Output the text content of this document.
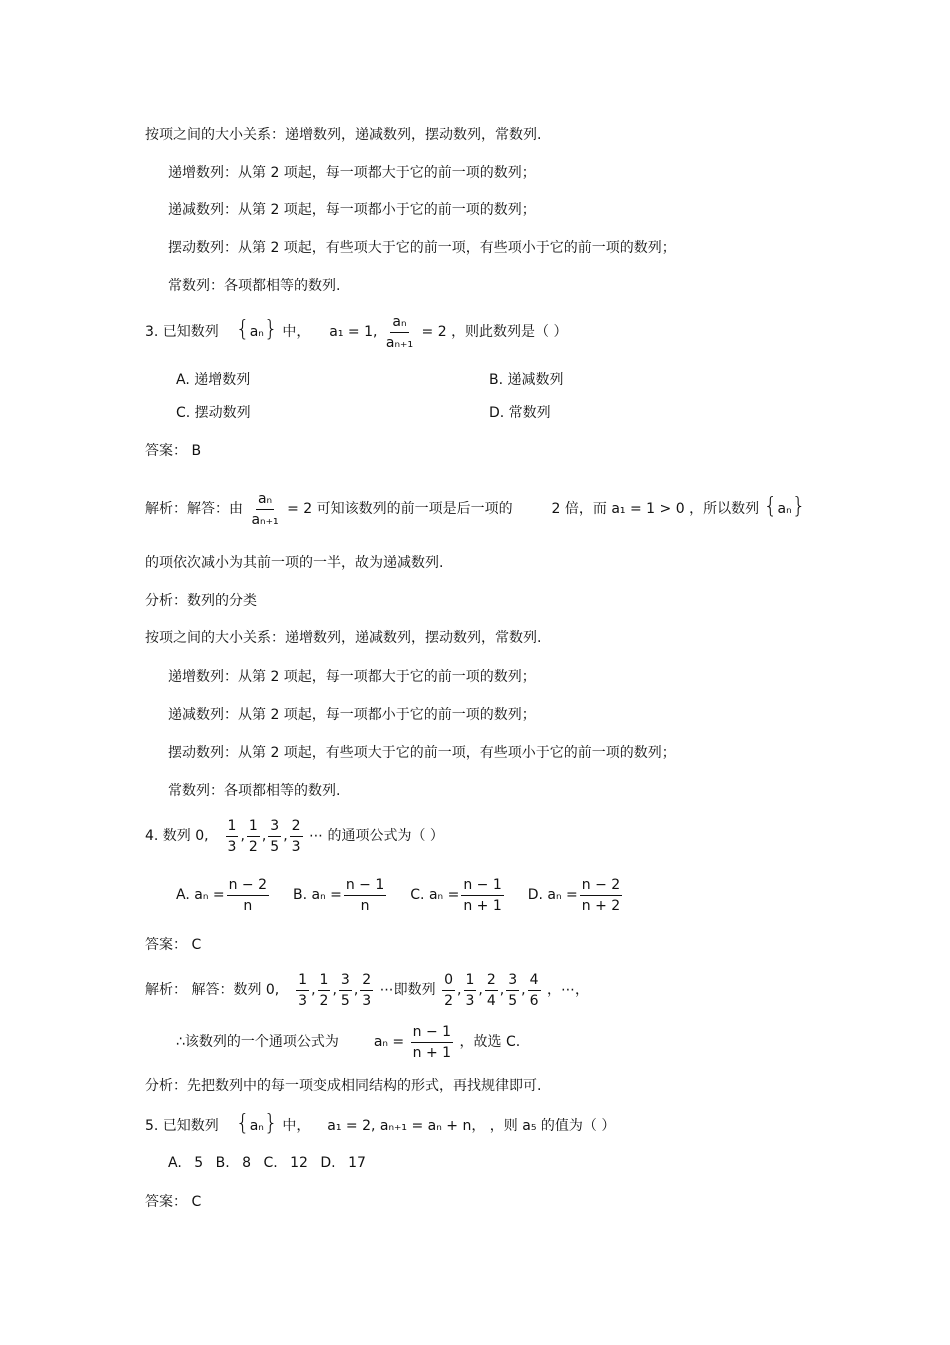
按项之间的大小关系：递增数列，递减数列，摆动数列，常数列.
递增数列：从第 2 项起，每一项都大于它的前一项的数列；
递减数列：从第 2 项起，每一项都小于它的前一项的数列；
摆动数列：从第 2 项起，有些项大于它的前一项，有些项小于它的前一项的数列；
常数列：各项都相等的数列.
3. 已知数列 {aₙ} 中， a₁ = 1, $\frac{\text{aₙ}}{\text{aₙ₊₁}} = 2$ ，则此数列是（ ）
A. 递增数列	B. 递减数列
C. 摆动数列	D. 常数列
答案： B
解析：解答：由 $\frac{\text{aₙ}}{\text{aₙ₊₁}} = 2$ 可知该数列的前一项是后一项的	2 倍，而 a₁ = 1 > 0 ，所以数列 {aₙ}
的项依次减小为其前一项的一半，故为递减数列.
分析：数列的分类
按项之间的大小关系：递增数列，递减数列，摆动数列，常数列.
递增数列：从第 2 项起，每一项都大于它的前一项的数列；
递减数列：从第 2 项起，每一项都小于它的前一项的数列；
摆动数列：从第 2 项起，有些项大于它的前一项，有些项小于它的前一项的数列；
常数列：各项都相等的数列.
4. 数列 0, $\frac{1}{3}$ , $\frac{1}{2}$ , $\frac{3}{5}$ , $\frac{2}{3}$ ⋯ 的通项公式为（ ）
A. $a_n = \frac{n - 2}{n} B$. $a_n = \frac{n - 1}{n} C$. $a_n = \frac{n - 1}{n + 1} D$. $a_n = \frac{n - 2}{n + 2}$
答案： C
解析： 解答：数列 0, $\frac{1}{3}$ , $\frac{1}{2}$ , $\frac{3}{5}$ , $\frac{2}{3}$ ⋯即数列 $\frac{0}{2}$ , $\frac{1}{3}$ , $\frac{2}{4}$ , $\frac{3}{5}$ , $\frac{4}{6}$ ，⋯，
∴该数列的一个通项公式为 $a_n = \frac{n - 1}{n + 1}$ ，故选 C.
分析：先把数列中的每一项变成相同结构的形式，再找规律即可.
5. 已知数列 {aₙ} 中， a₁ = 2, aₙ₊₁ = aₙ + n， ，则 a₅ 的值为（ ）
A. 5 B. 8 C. 12 D. 17
答案： C
